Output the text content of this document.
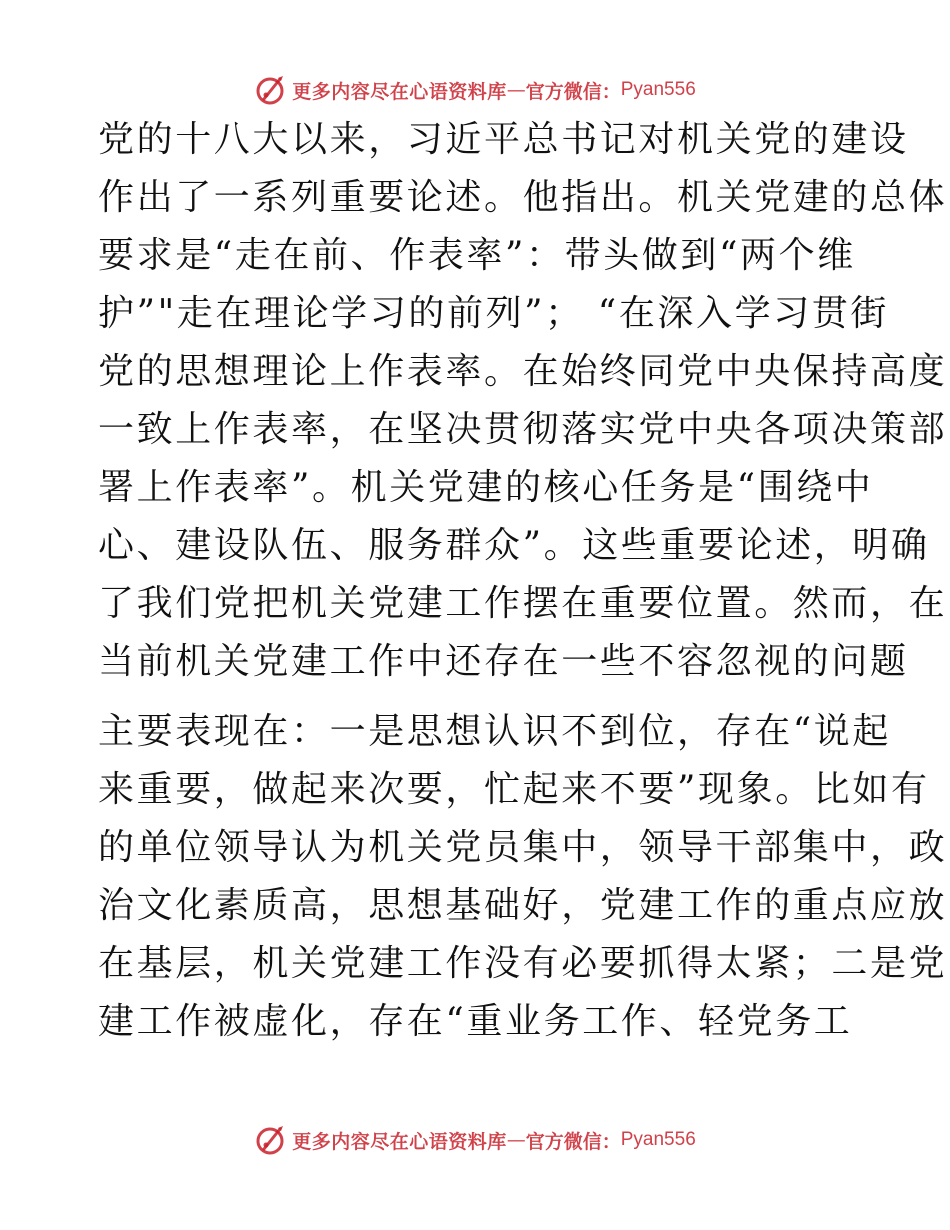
更多内容尽在心语资料库 — 官方微信： Pyan556
党的十八大以来，习近平总书记对机关党的建设
作出了一系列重要论述。他指出。机关党建的总体
要求是“走在前、作表率”：带头做到“两个维
护”"走在理论学习的前列”； “在深入学习贯街
党的思想理论上作表率。在始终同党中央保持高度
一致上作表率，在坚决贯彻落实党中央各项决策部
署上作表率”。机关党建的核心任务是“围绕中
心、建设队伍、服务群众”。这些重要论述，明确
了我们党把机关党建工作摆在重要位置。然而，在
当前机关党建工作中还存在一些不容忽视的问题
主要表现在：一是思想认识不到位，存在“说起
来重要，做起来次要，忙起来不要”现象。比如有
的单位领导认为机关党员集中，领导干部集中，政
治文化素质高，思想基础好，党建工作的重点应放
在基层，机关党建工作没有必要抓得太紧；二是党
建工作被虚化，存在“重业务工作、轻党务工
更多内容尽在心语资料库 — 官方微信： Pyan556
